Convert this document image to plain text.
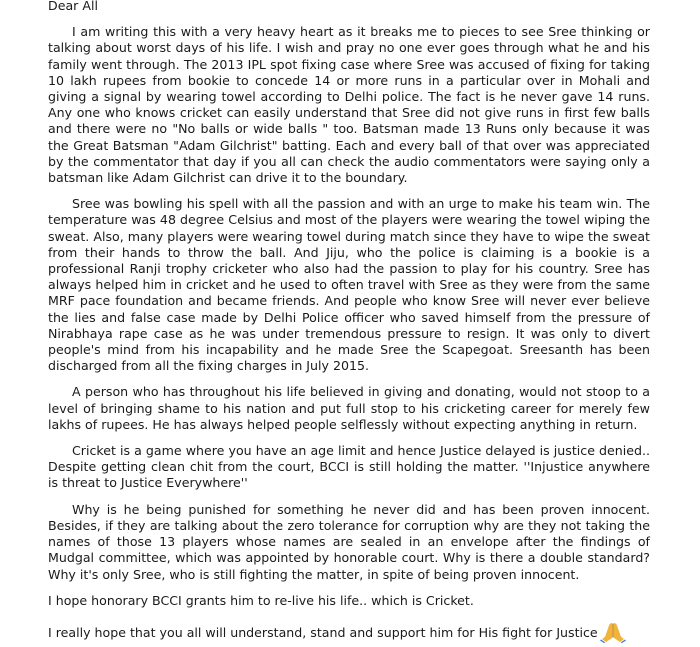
Dear All

I am writing this with a very heavy heart as it breaks me to pieces to see Sree thinking or talking about worst days of his life. I wish and pray no one ever goes through what he and his family went through. The 2013 IPL spot fixing case where Sree was accused of fixing for taking 10 lakh rupees from bookie to concede 14 or more runs in a particular over in Mohali and giving a signal by wearing towel according to Delhi police. The fact is he never gave 14 runs. Any one who knows cricket can easily understand that Sree did not give runs in first few balls and there were no "No balls or wide balls " too. Batsman made 13 Runs only because it was the Great Batsman "Adam Gilchrist" batting. Each and every ball of that over was appreciated by the commentator that day if you all can check the audio commentators were saying only a batsman like Adam Gilchrist can drive it to the boundary.

Sree was bowling his spell with all the passion and with an urge to make his team win. The temperature was 48 degree Celsius and most of the players were wearing the towel wiping the sweat. Also, many players were wearing towel during match since they have to wipe the sweat from their hands to throw the ball. And Jiju, who the police is claiming is a bookie is a professional Ranji trophy cricketer who also had the passion to play for his country. Sree has always helped him in cricket and he used to often travel with Sree as they were from the same MRF pace foundation and became friends. And people who know Sree will never ever believe the lies and false case made by Delhi Police officer who saved himself from the pressure of Nirabhaya rape case as he was under tremendous pressure to resign. It was only to divert people's mind from his incapability and he made Sree the Scapegoat. Sreesanth has been discharged from all the fixing charges in July 2015.

A person who has throughout his life believed in giving and donating, would not stoop to a level of bringing shame to his nation and put full stop to his cricketing career for merely few lakhs of rupees. He has always helped people selflessly without expecting anything in return.

Cricket is a game where you have an age limit and hence Justice delayed is justice denied.. Despite getting clean chit from the court, BCCI is still holding the matter. ''Injustice anywhere is threat to Justice Everywhere''

Why is he being punished for something he never did and has been proven innocent. Besides, if they are talking about the zero tolerance for corruption why are they not taking the names of those 13 players whose names are sealed in an envelope after the findings of Mudgal committee, which was appointed by honorable court. Why is there a double standard? Why it's only Sree, who is still fighting the matter, in spite of being proven innocent.

I hope honorary BCCI grants him to re-live his life.. which is Cricket.

I really hope that you all will understand, stand and support him for His fight for Justice
